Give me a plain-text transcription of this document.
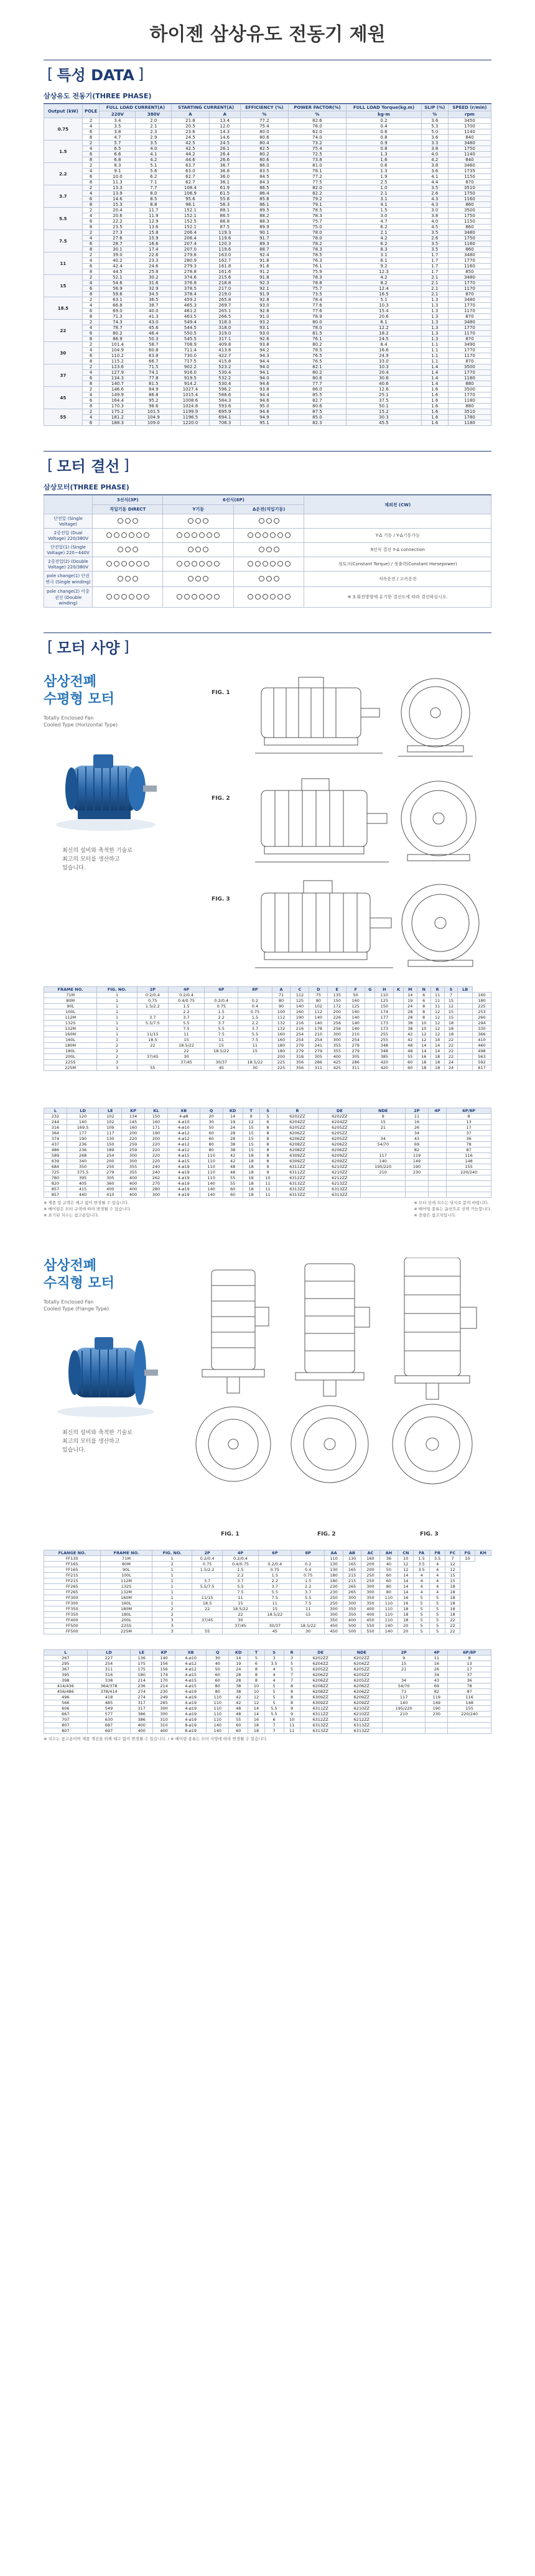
하이젠 삼상유도 전동기 제원
[ 특성 DATA ]
삼상유도 전동기(THREE PHASE)
Output (kW)	POLE	FULL LOAD CURRENT(A)		STARTING CURRENT(A)		EFFICIENCY (%)	POWER FACTOR(%)	FULL LOAD Torque(kg.m)	SLIP (%)	SPEED (r/min)
		220V	380V	A	A	%	%	kg·m	%	rpm
0.75	2	3.4	2.0	21.8	13.4	77.2	82.6	0.2	3.6	3450
	4	3.5	2.1	20.5	12.0	75.4	76.0	0.4	5.3	1700
	6	3.8	2.3	23.6	14.3	80.0	62.0	0.6	5.0	1140
	8	4.7	2.9	24.5	14.6	80.6	74.0	0.8	3.6	840
1.5	2	5.7	3.5	42.5	24.5	80.4	73.2	0.9	3.3	3480
	4	6.5	4.0	42.5	26.1	82.5	75.4	0.8	3.8	1750
	6	6.6	4.1	44.2	26.4	80.2	72.5	1.3	4.0	1140
	8	6.8	4.2	44.6	26.6	80.6	73.8	1.6	4.2	840
2.2	2	8.3	5.1	63.7	36.7	86.0	81.0	0.6	3.8	3460
	4	9.1	5.6	63.0	36.8	83.5	78.1	1.3	3.6	1735
	6	10.0	6.2	62.7	36.0	84.5	77.2	1.9	4.1	1150
	8	11.3	7.1	62.7	36.1	84.3	77.5	2.5	4.4	870
3.7	2	13.3	7.7	108.4	61.9	86.5	82.0	1.0	3.5	3510
	4	13.9	8.0	106.9	61.5	86.4	82.2	2.1	2.6	1750
	6	14.6	8.5	95.6	55.8	85.8	79.2	3.1	4.3	1160
	8	15.3	8.8	98.1	56.3	86.1	79.1	4.1	4.3	860
5.5	2	20.4	11.7	152.1	88.1	89.5	78.5	1.5	3.0	3500
	4	20.6	11.9	152.1	86.5	88.2	78.3	3.0	3.8	1750
	6	22.2	12.9	152.5	86.8	88.3	75.7	4.7	4.0	1150
	8	23.5	13.6	152.1	87.5	89.9	75.0	6.2	4.5	860
7.5	2	27.3	15.8	206.4	119.3	90.1	78.0	2.1	3.5	3480
	4	27.6	15.9	206.4	119.6	91.7	78.0	4.2	2.6	1750
	6	28.7	16.6	207.4	120.3	89.3	78.2	6.2	3.5	1160
	8	30.1	17.4	207.0	119.6	88.7	78.3	8.3	3.5	860
11	2	39.0	22.6	279.8	163.0	92.4	78.5	3.1	1.7	3480
	4	40.2	23.3	280.9	162.7	91.8	76.3	6.1	1.7	1770
	6	42.4	24.6	279.3	161.8	91.6	76.1	9.2	1.7	1160
	8	44.5	25.8	278.8	161.6	91.2	75.9	12.3	1.7	850
15	2	52.1	30.2	374.6	215.6	91.8	78.3	4.2	2.1	3480
	4	54.6	31.6	376.8	218.8	92.3	78.8	8.2	2.1	1770
	6	56.9	32.9	378.5	217.0	92.1	75.7	12.4	2.1	1170
	8	59.6	34.5	378.4	219.0	91.9	73.5	16.5	2.1	870
18.5	2	63.1	36.5	459.2	265.8	92.8	78.4	5.1	1.3	3480
	4	66.8	38.7	465.3	269.7	93.0	77.6	10.3	1.3	1770
	6	69.0	40.0	461.2	265.1	92.8	77.6	15.4	1.3	1170
	8	71.3	41.3	463.5	266.5	91.0	78.9	20.6	1.3	870
22	2	74.3	43.0	549.4	318.3	93.2	80.0	6.1	1.3	3480
	4	78.7	45.6	544.5	318.0	93.1	78.0	12.2	1.3	1770
	6	80.2	46.4	550.5	319.0	93.0	81.5	18.2	1.3	1170
	8	86.9	50.3	545.5	317.1	92.6	76.1	24.5	1.3	870
30	2	101.4	58.7	708.9	409.8	93.8	80.2	8.4	1.1	3490
	4	104.9	60.8	711.4	413.8	94.2	78.5	16.6	1.1	1770
	6	110.2	63.8	730.0	422.7	94.3	76.5	24.9	1.1	1170
	8	115.2	66.7	717.5	415.8	94.4	76.5	33.0	1.1	870
37	2	123.6	71.5	902.2	523.2	94.0	82.1	10.3	1.4	3500
	4	127.9	74.1	916.0	530.4	94.1	80.2	20.4	1.4	1770
	6	134.3	77.8	919.5	532.2	94.0	80.6	30.6	1.4	1180
	8	140.7	81.5	914.2	530.4	94.6	77.7	40.6	1.4	880
45	2	146.6	84.9	1027.4	596.2	93.8	86.0	12.6	1.6	3500
	4	149.9	86.8	1015.4	588.6	94.4	85.5	25.1	1.6	1770
	6	164.4	95.2	1008.6	584.3	94.6	82.7	37.5	1.6	1180
	8	170.3	98.6	1024.8	593.6	95.0	80.6	50.1	1.6	880
55	2	175.2	101.5	1199.9	695.9	94.6	87.5	15.2	1.6	3510
	4	181.2	104.9	1196.5	694.1	94.9	85.0	30.3	1.6	1780
	6	188.3	109.0	1220.0	706.3	95.1	82.3	45.5	1.6	1180
[ 모터 결선 ]
삼상모터(THREE PHASE)
	3선식(3P)	6선식(6P)		제외전 (CW)
	직입기동 DIRECT	Y기동	Δ운전(직입기동)	
단전압 (Single Voltage)	

2중전압 (Dual Voltage) 220/380V				Y-Δ 기동 / Y-Δ기동가능
단전압(1) (Single Voltage) 220~440V				9선식 결선 Y-Δ connection
2중전압(2) (Double Voltage) 220/380V				정토크(Constant Torque) / 정출력(Constant Horsepower)
pole change(1) 단권변극 (Single winding)				저속운전 / 고속운전
pole change(2) 이중권선 (Double winding)				※ 3.회전방향에 유기한 결선도에 따라 결선하십시오.
[ 모터 사양 ]
삼상전폐
수평형 모터
Totally Enclosed Fan
Cooled Type (Horizontal Type)
최신의 설비와 축적한 기술로
최고의 모터를 생산하고
있습니다.
FIG. 1
FIG. 2
FIG. 3
FRAME NO.	FIG. NO.	2P	4P	6P	8P	A	C	D	E	F	G	H	K	M	N	R	S	LB	
71M	1	0.2/0.4	0.2/0.4			71	112	75	135	50		110		14	6	11	7		160
80M	1	0.75	0.4/0.75	0.2/0.4	0.2	80	125	80	150	160		125		19	6	11	15		180
90L	1	1.5/2.2	1.5	0.75	0.4	90	140	102	172	125		150		24	8	11	12		225
100L	1		2.2	1.5	0.75	100	160	112	200	140		174		28	8	12	15		253
112M	1	3.7	3.7	2.2	1.5	112	190	140	226	140		177		28	8	12	15		260
132S	1	5.5/7.5	5.5	3.7	2.2	132	216	140	256	140		173		38	10	12	18		294
132M	1		7.5	5.5	3.7	132	216	178	256	140		173		38	10	12	18		330
160M	1	11/15	11	7.5	5.5	160	254	210	300	210		255		42	12	12	18		366
160L	1	18.5	15	11	7.5	160	254	254	300	254		255		42	12	14	22		410
180M	2	22	18.5/22	15	11	180	279	241	355	279		348		48	14	14	22		460
180L	2		22	18.5/22	15	180	279	279	355	279		348		48	14	14	22		498
200L	2	37/45	30			200	318	305	400	305		385		55	16	18	22		563
225S	3		37/45	30/37	18.5/22	225	356	286	425	286		420		60	18	18	24		592
225M	3	55		45	30	225	356	311	425	311		420		60	18	18	24		617
L	LD	LE	KP	KL	XB	Q	KD	T	S	R	DE	NDE	2P	4P	6P/8P
232	120	102	134	150	4-ø8	20	14	9	5	6202ZZ	6202ZZ	9	11		8
244	140	102	145	160	4-ø10	30	19	12	6	6204ZZ	6204ZZ	15	16		13
316	169.5	109	160	171	4-ø10	50	24	15	8	6205ZZ	6205ZZ	21	26		17
364	177	117	200	190	4-ø12	60	28	15	8	6206ZZ	6205ZZ		34		37
374	190	130	220	200	4-ø12	60	28	15	8	6206ZZ	6205ZZ	34	43		36
437	236	150	259	220	4-ø12	80	38	15	8	6208ZZ	6206ZZ	54/70	69		78
486	236	189	259	220	4-ø12	80	38	15	8	6208ZZ	6206ZZ		82		87
589	268	254	300	220	4-ø15	110	42	18	8	6309ZZ	6209ZZ	117	119		116
639	340	200	300	220	4-ø15	110	42	18	8	6309ZZ	6209ZZ	140	149		148
684	350	250	355	240	4-ø19	110	48	18	9	6311ZZ	6210ZZ	195/220	190		155
725	375.5	279	355	240	4-ø19	110	48	18	9	6311ZZ	6210ZZ	210	230		220/240
780	395	305	400	262	4-ø19	110	55	18	10	6312ZZ	6212ZZ				
820	405	360	400	270	4-ø19	140	55	18	11	6313ZZ	6213ZZ				
857	415	400	400	280	4-ø19	140	60	18	11	6313ZZ	6313ZZ				
857	440	410	400	300	4-ø19	140	60	18	11	6313ZZ	6313ZZ				
※ 제품 및 규격은 예고 없이 변경될 수 있습니다.
※ 베어링은 모터 규격에 따라 변경될 수 있습니다.
※ 표기된 치수는 참고용입니다.
※ 모터 상세 치수는 당사로 문의 바랍니다.
※ 베어링 종류는 옵션으로 선택 가능합니다.
※ 중량은 참고치입니다.
삼상전폐
수직형 모터
Totally Enclosed Fan
Cooled Type (Flange Type)
최신의 설비와 축적한 기술로
최고의 모터를 생산하고
있습니다.
FIG. 1	FIG. 2	FIG. 3
FLANGE NO.	FRAME NO.	FIG. NO.	2P	4P	6P	8P	AA	AB	AC	AH	CN	FA	FB	FC	FG	KH
FF130	71M	1	0.2/0.4	0.2/0.4			110	130	160	36	10	1.5	3.5	7	10	
FF165	80M	2	0.75	0.4/0.75	0.2/0.4	0.2	130	165	200	40	12	3.5	4	12		
FF165	90L	1	1.5/2.2	1.5	0.75	0.4	130	165	200	50	12	3.5	4	12		
FF215	100L	1		2.2	1.5	0.75	180	215	250	60	14	4	4	15		
FF215	112M	1	3.7	3.7	2.2	1.5	180	215	250	60	14	4	4	15		
FF265	132S	1	5.5/7.5	5.5	3.7	2.2	230	265	300	80	14	4	4	18		
FF265	132M	1		7.5	5.5	3.7	230	265	300	80	14	4	4	18		
FF300	160M	1	11/15	11	7.5	5.5	250	300	350	110	16	5	5	18		
FF300	160L	1	18.5	15	11	7.5	250	300	350	110	16	5	5	18		
FF350	180M	2	22	18.5/22	15	11	300	350	400	110	18	5	5	18		
FF350	180L	2		22	18.5/22	15	300	350	400	110	18	5	5	18		
FF400	200L	3	37/45	30			350	400	450	110	18	5	5	22		
FF500	225S	3		37/45	30/37	18.5/22	450	500	550	140	20	5	5	22		
FF500	225M	3	55		45	30	450	500	550	140	20	5	5	22		
L	LD	LE	KP	XB	Q	KD	T	S	R	DE	NDE	2P	4P	6P/8P
267	227	136	140	4-ø10	30	14	5	3	3	6202ZZ	6202ZZ	9	11	8
295	254	175	156	4-ø12	40	19	6	3.5	5	6204ZZ	6204ZZ	15	16	13
367	311	175	156	4-ø12	50	24	8	4	5	6205ZZ	6205ZZ	21	26	17
395	316	180	174	4-ø15	60	28	8	4	7	6206ZZ	6205ZZ		34	37
398	338	214	170	4-ø15	60	28	8	4	7	6206ZZ	6205ZZ	34	43	36
414/436	364/378	236	214	4-ø15	80	38	10	5	8	6208ZZ	6206ZZ	54/70	69	78
456/486	378/414	274	230	4-ø19	80	38	10	5	8	6208ZZ	6206ZZ	71	82	87
496	418	274	249	4-ø19	110	42	12	5	8	6309ZZ	6209ZZ	117	119	116
566	485	317	265	4-ø19	110	42	12	5	8	6309ZZ	6209ZZ	140	149	148
606	549	317	300	4-ø19	110	48	14	5.5	9	6311ZZ	6210ZZ	195/220	190	155
667	577	386	300	4-ø19	110	48	14	5.5	9	6311ZZ	6210ZZ	210	230	220/240
707	630	386	310	4-ø19	110	55	16	6	10	6312ZZ	6212ZZ			
807	687	400	310	8-ø19	140	60	18	7	11	6313ZZ	6313ZZ			
807	697	400	400	8-ø19	140	60	18	7	11	6313ZZ	6313ZZ			
※ 치수는 참고용이며 제품 개선을 위해 예고 없이 변경될 수 있습니다. / ※ 베어링 종류는 모터 사양에 따라 변경될 수 있습니다.
